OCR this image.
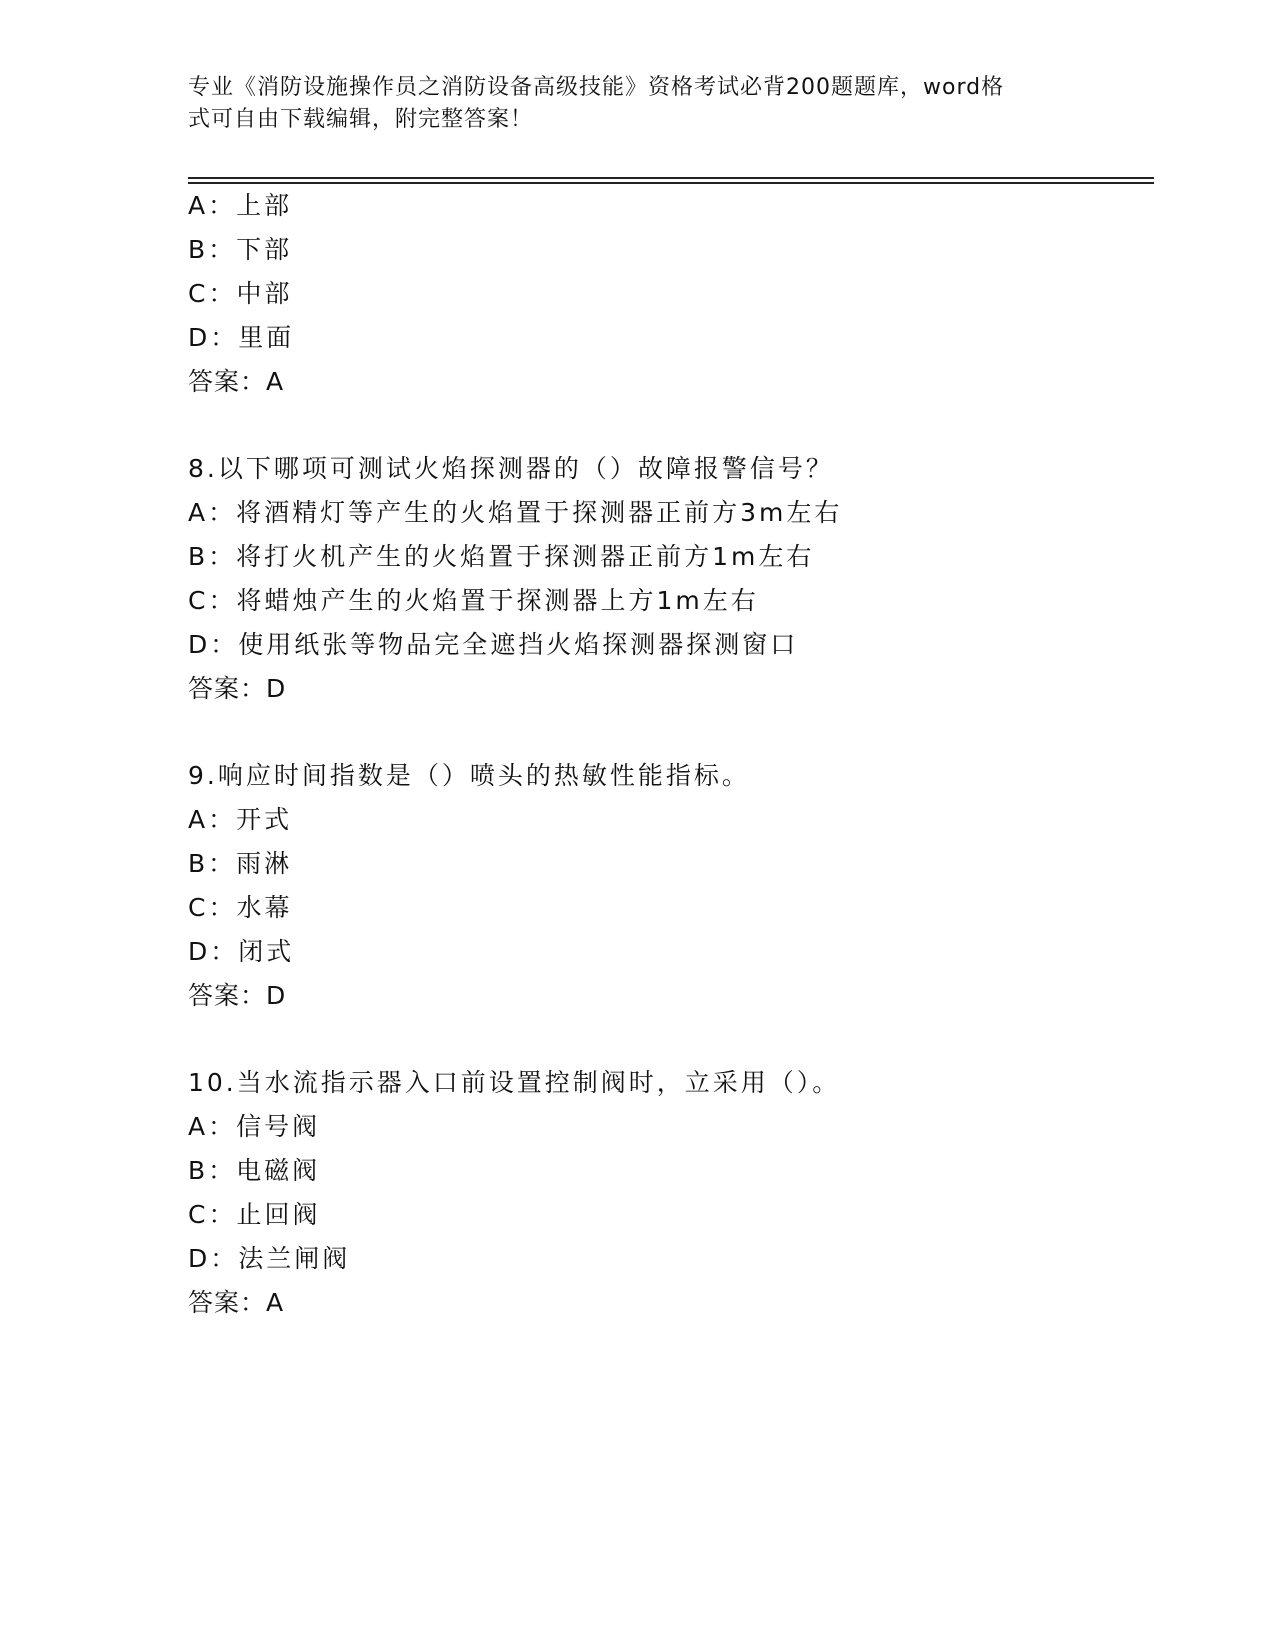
专业《消防设施操作员之消防设备高级技能》资格考试必背200题题库，word格
式可自由下载编辑，附完整答案！
A：上部
B：下部
C：中部
D：里面
答案：A
8.以下哪项可测试火焰探测器的（）故障报警信号？
A：将酒精灯等产生的火焰置于探测器正前方3m左右
B：将打火机产生的火焰置于探测器正前方1m左右
C：将蜡烛产生的火焰置于探测器上方1m左右
D：使用纸张等物品完全遮挡火焰探测器探测窗口
答案：D
9.响应时间指数是（）喷头的热敏性能指标。
A：开式
B：雨淋
C：水幕
D：闭式
答案：D
10.当水流指示器入口前设置控制阀时，立采用（）。
A：信号阀
B：电磁阀
C：止回阀
D：法兰闸阀
答案：A
